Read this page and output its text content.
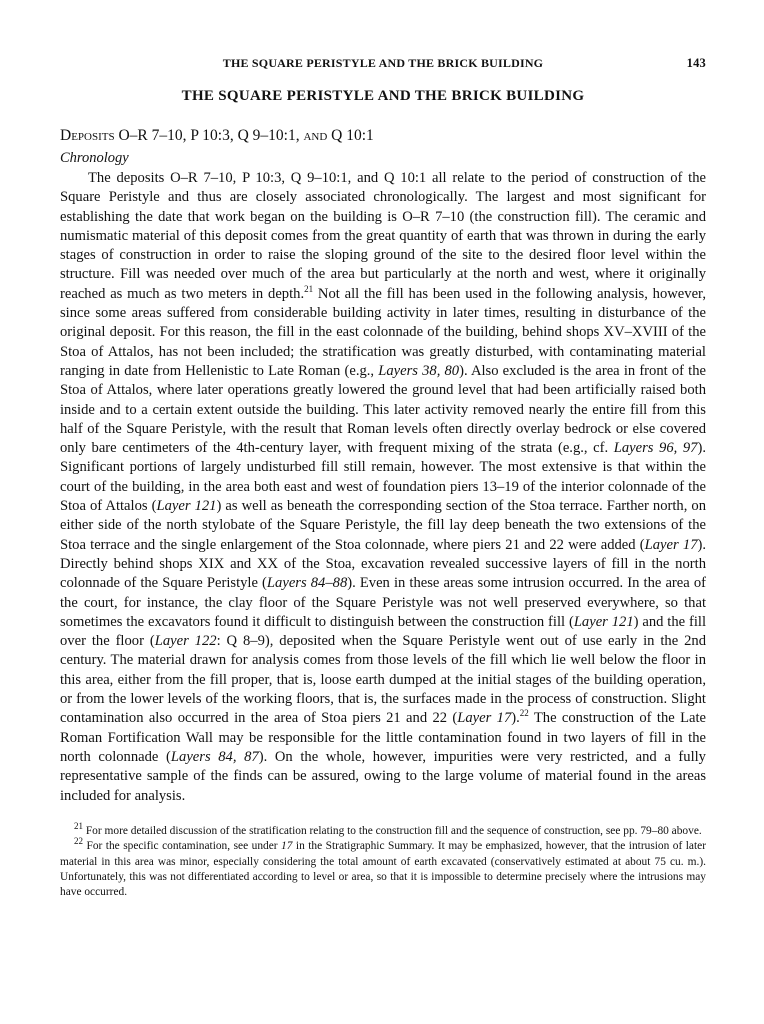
THE SQUARE PERISTYLE AND THE BRICK BUILDING	143
THE SQUARE PERISTYLE AND THE BRICK BUILDING
Deposits O–R 7–10, P 10:3, Q 9–10:1, and Q 10:1
Chronology

The deposits O–R 7–10, P 10:3, Q 9–10:1, and Q 10:1 all relate to the period of construction of the Square Peristyle and thus are closely associated chronologically. The largest and most significant for establishing the date that work began on the building is O–R 7–10 (the construction fill). The ceramic and numismatic material of this deposit comes from the great quantity of earth that was thrown in during the early stages of construction in order to raise the sloping ground of the site to the desired floor level within the structure. Fill was needed over much of the area but particularly at the north and west, where it originally reached as much as two meters in depth.$^{21}$ Not all the fill has been used in the following analysis, however, since some areas suffered from considerable building activity in later times, resulting in disturbance of the original deposit. For this reason, the fill in the east colonnade of the building, behind shops XV–XVIII of the Stoa of Attalos, has not been included; the stratification was greatly disturbed, with contaminating material ranging in date from Hellenistic to Late Roman (e.g., Layers 38, 80). Also excluded is the area in front of the Stoa of Attalos, where later operations greatly lowered the ground level that had been artificially raised both inside and to a certain extent outside the building. This later activity removed nearly the entire fill from this half of the Square Peristyle, with the result that Roman levels often directly overlay bedrock or else covered only bare centimeters of the 4th-century layer, with frequent mixing of the strata (e.g., cf. Layers 96, 97). Significant portions of largely undisturbed fill still remain, however. The most extensive is that within the court of the building, in the area both east and west of foundation piers 13–19 of the interior colonnade of the Stoa of Attalos (Layer 121) as well as beneath the corresponding section of the Stoa terrace. Farther north, on either side of the north stylobate of the Square Peristyle, the fill lay deep beneath the two extensions of the Stoa terrace and the single enlargement of the Stoa colonnade, where piers 21 and 22 were added (Layer 17). Directly behind shops XIX and XX of the Stoa, excavation revealed successive layers of fill in the north colonnade of the Square Peristyle (Layers 84–88). Even in these areas some intrusion occurred. In the area of the court, for instance, the clay floor of the Square Peristyle was not well preserved everywhere, so that sometimes the excavators found it difficult to distinguish between the construction fill (Layer 121) and the fill over the floor (Layer 122: Q 8–9), deposited when the Square Peristyle went out of use early in the 2nd century. The material drawn for analysis comes from those levels of the fill which lie well below the floor in this area, either from the fill proper, that is, loose earth dumped at the initial stages of the building operation, or from the lower levels of the working floors, that is, the surfaces made in the process of construction. Slight contamination also occurred in the area of Stoa piers 21 and 22 (Layer 17).$^{22}$ The construction of the Late Roman Fortification Wall may be responsible for the little contamination found in two layers of fill in the north colonnade (Layers 84, 87). On the whole, however, impurities were very restricted, and a fully representative sample of the finds can be assured, owing to the large volume of material found in the areas included for analysis.

$^{21}$ For more detailed discussion of the stratification relating to the construction fill and the sequence of construction, see pp. 79–80 above.

$^{22}$ For the specific contamination, see under 17 in the Stratigraphic Summary. It may be emphasized, however, that the intrusion of later material in this area was minor, especially considering the total amount of earth excavated (conservatively estimated at about 75 cu. m.). Unfortunately, this was not differentiated according to level or area, so that it is impossible to determine precisely where the intrusions may have occurred.
